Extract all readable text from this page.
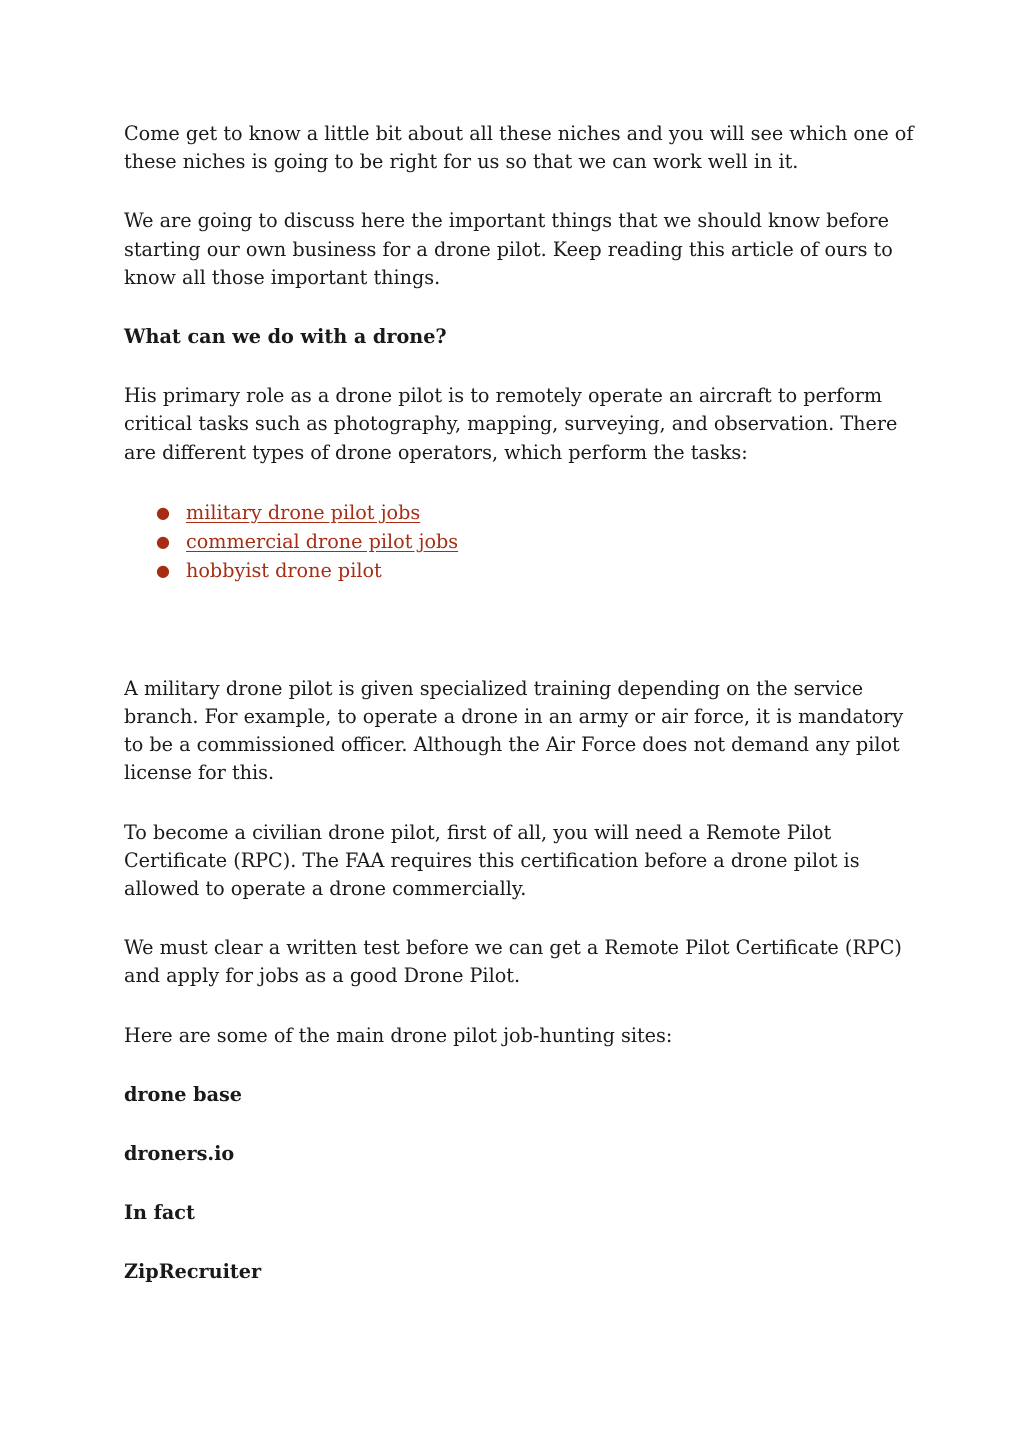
Come get to know a little bit about all these niches and you will see which one of these niches is going to be right for us so that we can work well in it.

We are going to discuss here the important things that we should know before starting our own business for a drone pilot. Keep reading this article of ours to know all those important things.

What can we do with a drone?

His primary role as a drone pilot is to remotely operate an aircraft to perform critical tasks such as photography, mapping, surveying, and observation. There are different types of drone operators, which perform the tasks:

● military drone pilot jobs
● commercial drone pilot jobs
● hobbyist drone pilot

A military drone pilot is given specialized training depending on the service branch. For example, to operate a drone in an army or air force, it is mandatory to be a commissioned officer. Although the Air Force does not demand any pilot license for this.

To become a civilian drone pilot, first of all, you will need a Remote Pilot Certificate (RPC). The FAA requires this certification before a drone pilot is allowed to operate a drone commercially.

We must clear a written test before we can get a Remote Pilot Certificate (RPC) and apply for jobs as a good Drone Pilot.

Here are some of the main drone pilot job-hunting sites:

drone base

droners.io

In fact

ZipRecruiter
